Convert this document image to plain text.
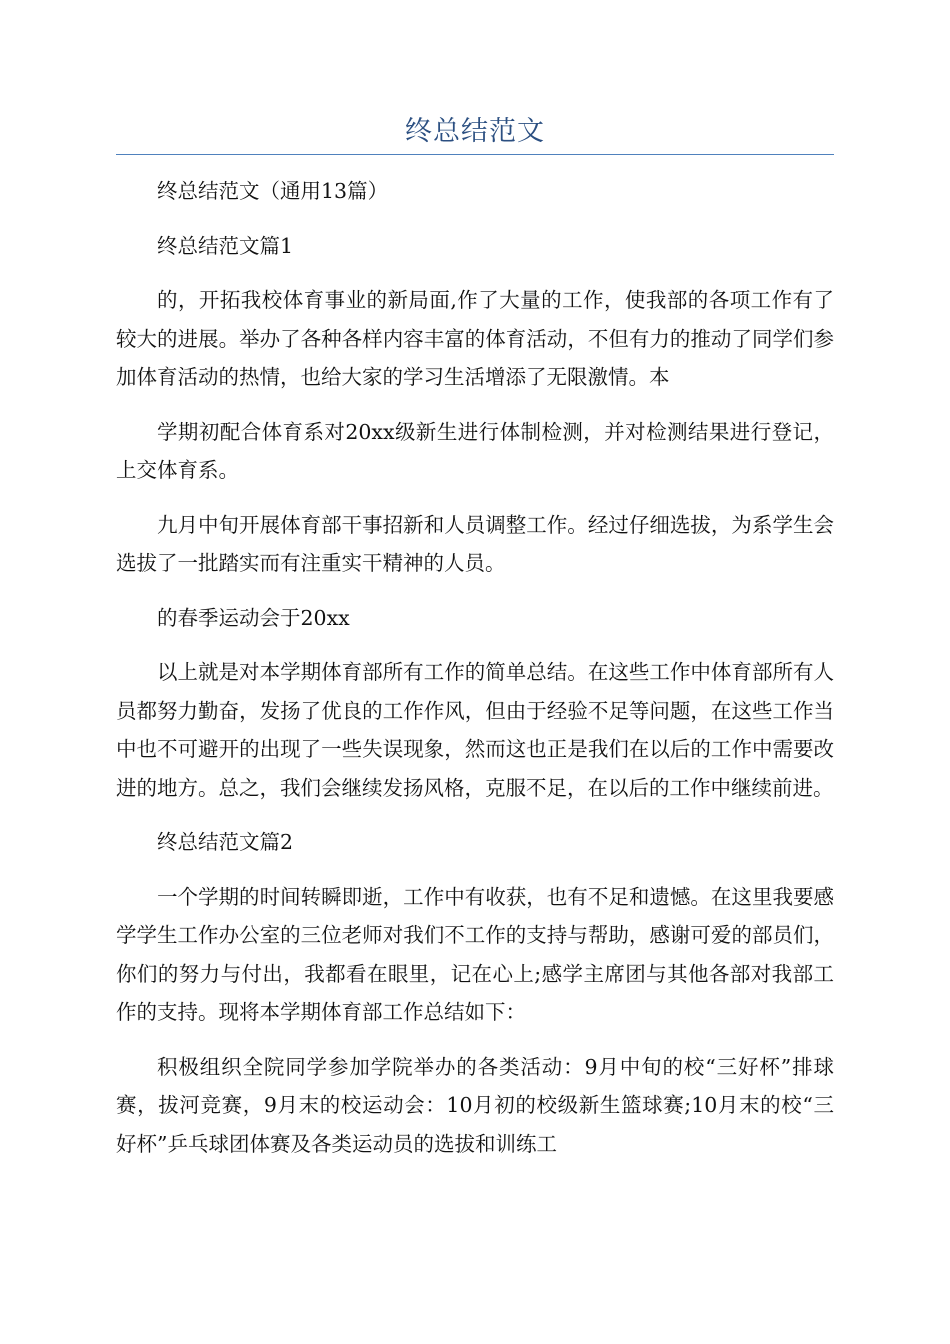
终总结范文

终总结范文（通用13篇）

终总结范文篇1

的，开拓我校体育事业的新局面,作了大量的工作，使我部的各项工作有了较大的进展。举办了各种各样内容丰富的体育活动，不但有力的推动了同学们参加体育活动的热情，也给大家的学习生活增添了无限激情。本

学期初配合体育系对20xx级新生进行体制检测，并对检测结果进行登记，上交体育系。

九月中旬开展体育部干事招新和人员调整工作。经过仔细选拔，为系学生会选拔了一批踏实而有注重实干精神的人员。

的春季运动会于20xx

以上就是对本学期体育部所有工作的简单总结。在这些工作中体育部所有人员都努力勤奋，发扬了优良的工作作风，但由于经验不足等问题，在这些工作当中也不可避开的出现了一些失误现象，然而这也正是我们在以后的工作中需要改进的地方。总之，我们会继续发扬风格，克服不足，在以后的工作中继续前进。

终总结范文篇2

一个学期的时间转瞬即逝，工作中有收获，也有不足和遗憾。在这里我要感学学生工作办公室的三位老师对我们不工作的支持与帮助，感谢可爱的部员们，你们的努力与付出，我都看在眼里，记在心上;感学主席团与其他各部对我部工作的支持。现将本学期体育部工作总结如下：

积极组织全院同学参加学院举办的各类活动：9月中旬的校“三好杯”排球赛，拔河竞赛，9月末的校运动会：10月初的校级新生篮球赛;10月末的校“三好杯”乒乓球团体赛及各类运动员的选拔和训练工
